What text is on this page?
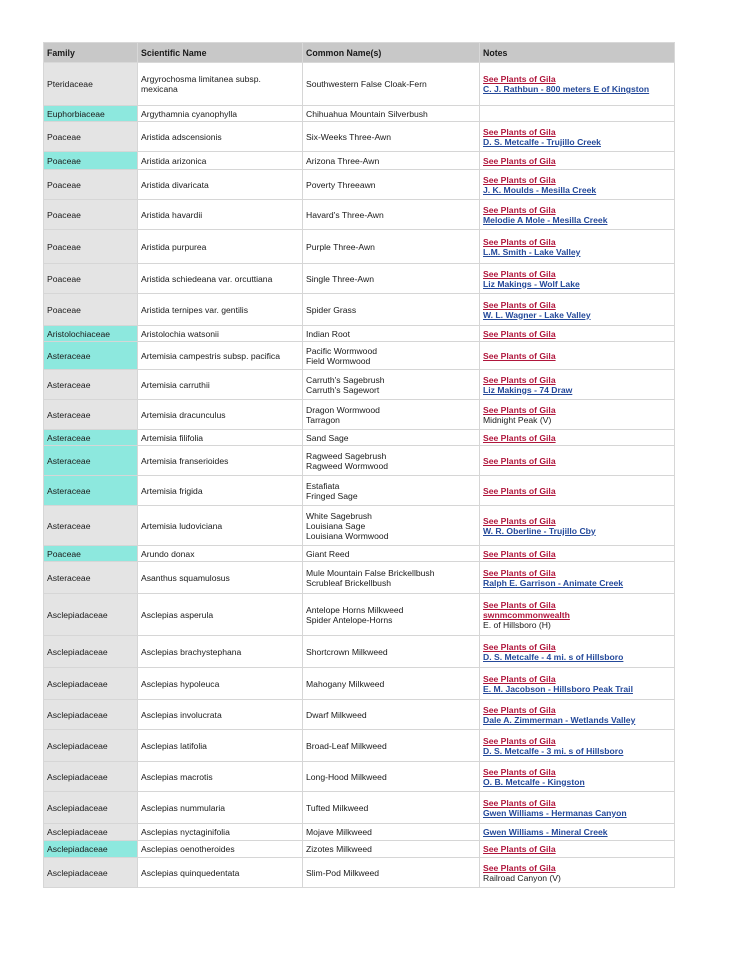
Family	Scientific Name	Common Name(s)	Notes
Pteridaceae	Argyrochosma limitanea subsp. mexicana	Southwestern False Cloak-Fern	See Plants of Gila
C. J. Rathbun - 800 meters E of Kingston

Euphorbiaceae	Argythamnia cyanophylla	Chihuahua Mountain Silverbush	

Poaceae	Aristida adscensionis	Six-Weeks Three-Awn	See Plants of Gila
D. S. Metcalfe - Trujillo Creek

Poaceae	Aristida arizonica	Arizona Three-Awn	See Plants of Gila

Poaceae	Aristida divaricata	Poverty Threeawn	See Plants of Gila
J. K. Moulds - Mesilla Creek

Poaceae	Aristida havardii	Havard's Three-Awn	See Plants of Gila
Melodie A Mole - Mesilla Creek

Poaceae	Aristida purpurea	Purple Three-Awn	See Plants of Gila
L.M. Smith - Lake Valley

Poaceae	Aristida schiedeana var. orcuttiana	Single Three-Awn	See Plants of Gila
Liz Makings - Wolf Lake

Poaceae	Aristida ternipes var. gentilis	Spider Grass	See Plants of Gila
W. L. Wagner - Lake Valley

Aristolochiaceae	Aristolochia watsonii	Indian Root	See Plants of Gila

Asteraceae	Artemisia campestris subsp. pacifica	Pacific Wormwood
Field Wormwood	See Plants of Gila

Asteraceae	Artemisia carruthii	Carruth's Sagebrush
Carruth's Sagewort	See Plants of Gila
Liz Makings - 74 Draw

Asteraceae	Artemisia dracunculus	Dragon Wormwood
Tarragon	See Plants of Gila
Midnight Peak (V)

Asteraceae	Artemisia filifolia	Sand Sage	See Plants of Gila

Asteraceae	Artemisia franserioides	Ragweed Sagebrush
Ragweed Wormwood	See Plants of Gila

Asteraceae	Artemisia frigida	Estafiata
Fringed Sage	See Plants of Gila

Asteraceae	Artemisia ludoviciana	White Sagebrush
Louisiana Sage
Louisiana Wormwood	See Plants of Gila
W. R. Oberline - Trujillo Cby

Poaceae	Arundo donax	Giant Reed	See Plants of Gila

Asteraceae	Asanthus squamulosus	Mule Mountain False Brickellbush
Scrubleaf Brickellbush	See Plants of Gila
Ralph E. Garrison - Animate Creek

Asclepiadaceae	Asclepias asperula	Antelope Horns Milkweed
Spider Antelope-Horns	See Plants of Gila
swnmcommonwealth
E. of Hillsboro (H)

Asclepiadaceae	Asclepias brachystephana	Shortcrown Milkweed	See Plants of Gila
D. S. Metcalfe - 4 mi. s of Hillsboro

Asclepiadaceae	Asclepias hypoleuca	Mahogany Milkweed	See Plants of Gila
E. M. Jacobson - Hillsboro Peak Trail

Asclepiadaceae	Asclepias involucrata	Dwarf Milkweed	See Plants of Gila
Dale A. Zimmerman - Wetlands Valley

Asclepiadaceae	Asclepias latifolia	Broad-Leaf Milkweed	See Plants of Gila
D. S. Metcalfe - 3 mi. s of Hillsboro

Asclepiadaceae	Asclepias macrotis	Long-Hood Milkweed	See Plants of Gila
O. B. Metcalfe - Kingston

Asclepiadaceae	Asclepias nummularia	Tufted Milkweed	See Plants of Gila
Gwen Williams - Hermanas Canyon

Asclepiadaceae	Asclepias nyctaginifolia	Mojave Milkweed	Gwen Williams - Mineral Creek

Asclepiadaceae	Asclepias oenotheroides	Zizotes Milkweed	See Plants of Gila

Asclepiadaceae	Asclepias quinquedentata	Slim-Pod Milkweed	See Plants of Gila
Railroad Canyon (V)
